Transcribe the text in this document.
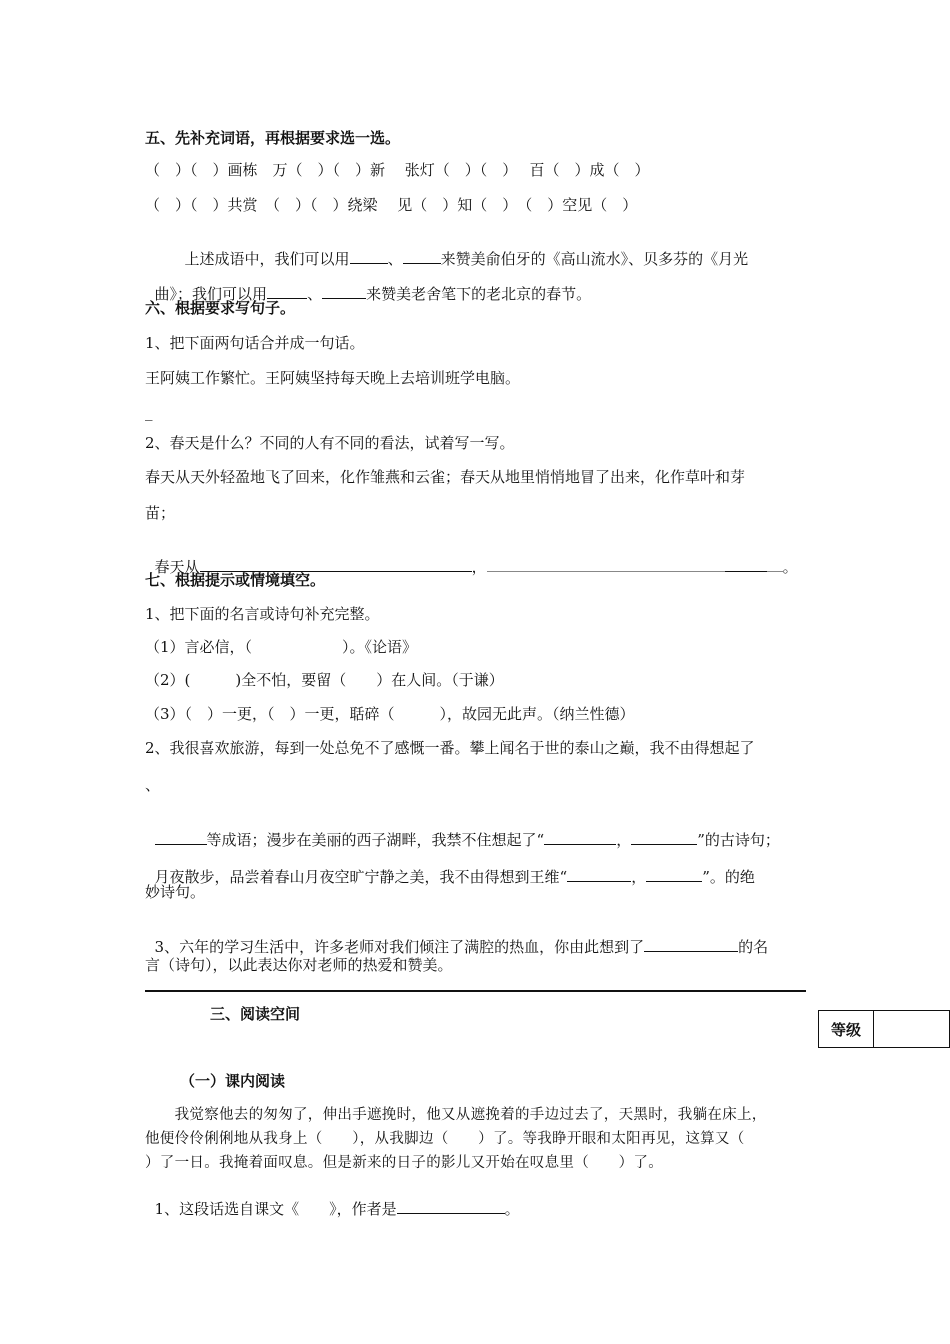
五、先补充词语，再根据要求选一选。
（　）（　）画栋　万（　）（　）新　 张灯（　）（　）　 百（　）成（　）
（　）（　）共赏　（　）（　）绕梁　 见（　）知（　）　（　）空见（　）

　　上述成语中，我们可以用	、	来赞美俞伯牙的《高山流水》、贝多芬的《月光

曲》；我们可以用	、	来赞美老舍笔下的老北京的春节。

六、根据要求写句子。
1、把下面两句话合并成一句话。
王阿姨工作繁忙。王阿姨坚持每天晚上去培训班学电脑。
_
2、春天是什么？不同的人有不同的看法，试着写一写。
春天从天外轻盈地飞了回来，化作雏燕和云雀；春天从地里悄悄地冒了出来，化作草叶和芽
苗；

春天从	，	。

七、根据提示或情境填空。
1、把下面的名言或诗句补充完整。
（1）言必信，（　　　　　　）。《论语》
（2）(　　　)全不怕，要留（　　）在人间。（于谦）
（3）（　）一更，（　）一更，聒碎（　　　），故园无此声。（纳兰性德）
2、我很喜欢旅游，每到一处总免不了感慨一番。攀上闻名于世的泰山之巅，我不由得想起了
、

等成语；漫步在美丽的西子湖畔，我禁不住想起了“	，	”的古诗句；

月夜散步，品尝着春山月夜空旷宁静之美，我不由得想到王维“	，	”。的绝

妙诗句。

3、六年的学习生活中，许多老师对我们倾注了满腔的热血，你由此想到了	的名

言（诗句），以此表达你对老师的热爱和赞美。
三、阅读空间
等级
（一）课内阅读
　　我觉察他去的匆匆了，伸出手遮挽时，他又从遮挽着的手边过去了，天黑时，我躺在床上，
他便伶伶俐俐地从我身上（　　），从我脚边（　　）了。等我睁开眼和太阳再见，这算又（
）了一日。我掩着面叹息。但是新来的日子的影儿又开始在叹息里（　　）了。

1、这段话选自课文《　　》，作者是	。
